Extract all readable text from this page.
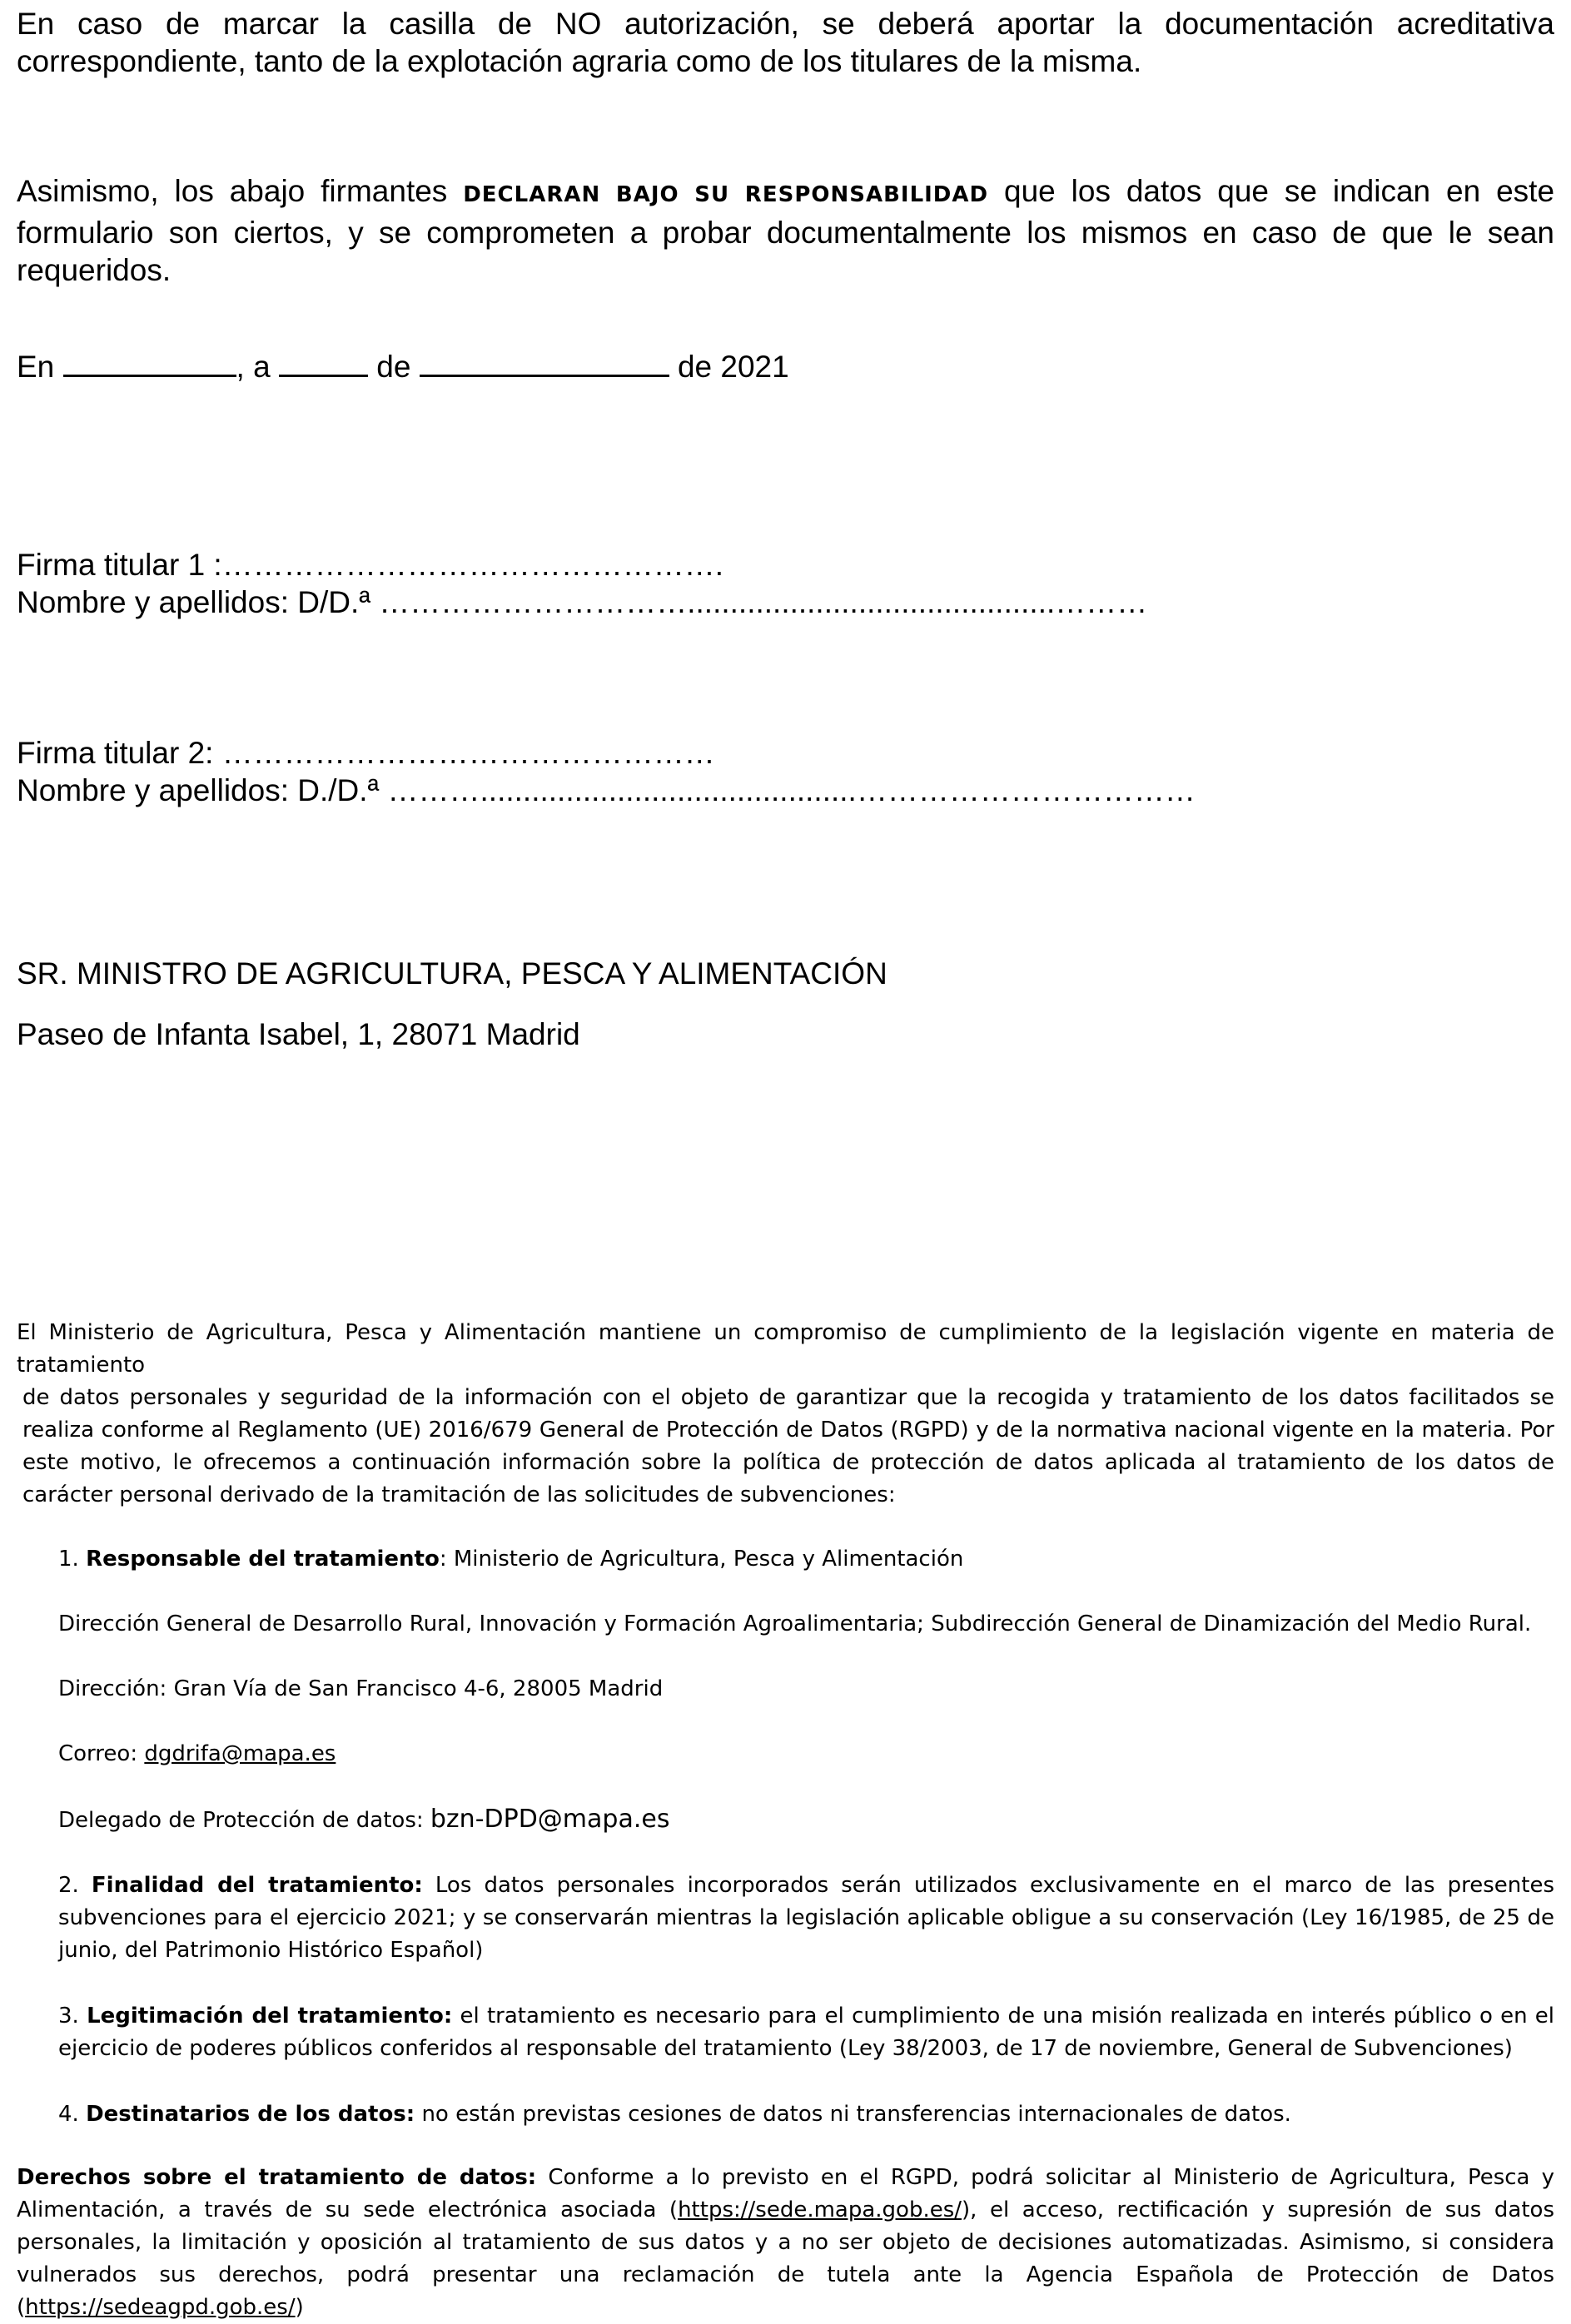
En caso de marcar la casilla de NO autorización, se deberá aportar la documentación acreditativa correspondiente, tanto de la explotación agraria como de los titulares de la misma.
Asimismo, los abajo firmantes DECLARAN BAJO SU RESPONSABILIDAD que los datos que se indican en este formulario son ciertos, y se comprometen a probar documentalmente los mismos en caso de que le sean requeridos.
En	, a	de	de 2021
Firma titular 1 :………………………………………….
Nombre y apellidos: D/D.ª …………………………...........................................………
Firma titular 2: …………………………………………
Nombre y apellidos: D./D.ª ………............................................……………………………
SR. MINISTRO DE AGRICULTURA, PESCA Y ALIMENTACIÓN
Paseo de Infanta Isabel, 1, 28071 Madrid
El Ministerio de Agricultura, Pesca y Alimentación mantiene un compromiso de cumplimiento de la legislación vigente en materia de tratamiento
de datos personales y seguridad de la información con el objeto de garantizar que la recogida y tratamiento de los datos facilitados se realiza conforme al Reglamento (UE) 2016/679 General de Protección de Datos (RGPD) y de la normativa nacional vigente en la materia. Por este motivo, le ofrecemos a continuación información sobre la política de protección de datos aplicada al tratamiento de los datos de carácter personal derivado de la tramitación de las solicitudes de subvenciones:
1. Responsable del tratamiento: Ministerio de Agricultura, Pesca y Alimentación
Dirección General de Desarrollo Rural, Innovación y Formación Agroalimentaria; Subdirección General de Dinamización del Medio Rural.
Dirección: Gran Vía de San Francisco 4-6, 28005 Madrid
Correo: dgdrifa@mapa.es
Delegado de Protección de datos: bzn-DPD@mapa.es
2. Finalidad del tratamiento: Los datos personales incorporados serán utilizados exclusivamente en el marco de las presentes subvenciones para el ejercicio 2021; y se conservarán mientras la legislación aplicable obligue a su conservación (Ley 16/1985, de 25 de junio, del Patrimonio Histórico Español)
3. Legitimación del tratamiento: el tratamiento es necesario para el cumplimiento de una misión realizada en interés público o en el ejercicio de poderes públicos conferidos al responsable del tratamiento (Ley 38/2003, de 17 de noviembre, General de Subvenciones)
4. Destinatarios de los datos: no están previstas cesiones de datos ni transferencias internacionales de datos.
Derechos sobre el tratamiento de datos: Conforme a lo previsto en el RGPD, podrá solicitar al Ministerio de Agricultura, Pesca y Alimentación, a través de su sede electrónica asociada (https://sede.mapa.gob.es/), el acceso, rectificación y supresión de sus datos personales, la limitación y oposición al tratamiento de sus datos y a no ser objeto de decisiones automatizadas. Asimismo, si considera vulnerados sus derechos, podrá presentar una reclamación de tutela ante la Agencia Española de Protección de Datos (https://sedeagpd.gob.es/)
